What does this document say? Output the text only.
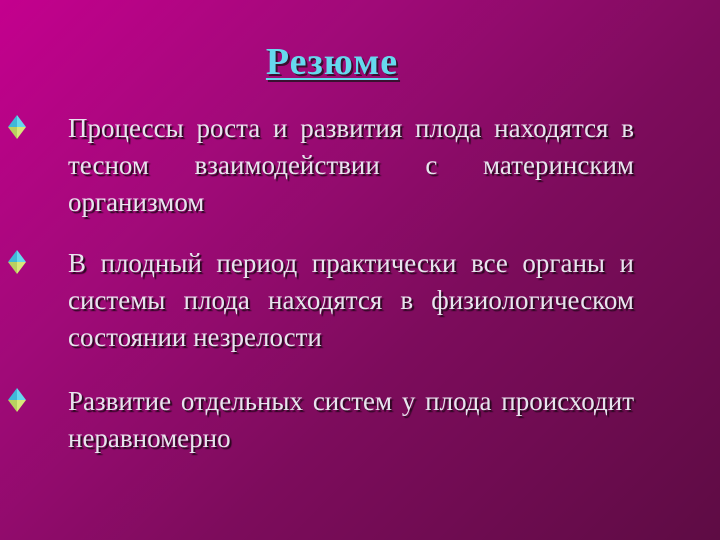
Резюме
Процессы роста и развития плода находятся в тесном взаимодействии с материнским организмом
В плодный период практически все органы и системы плода находятся в физиологическом состоянии незрелости
Развитие отдельных систем у плода происходит неравномерно
